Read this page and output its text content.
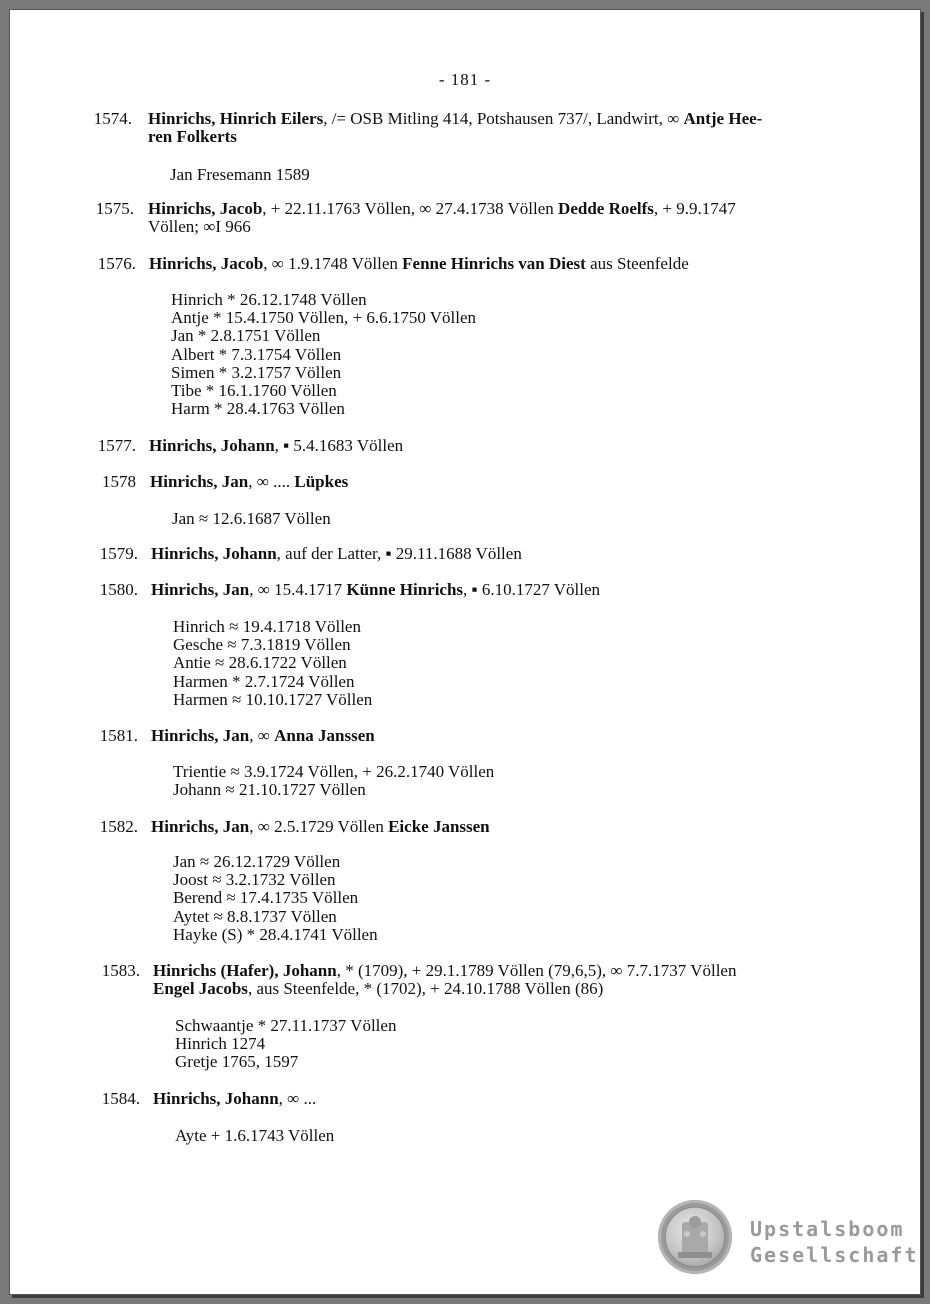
- 181 -
1574. Hinrichs, Hinrich Eilers, /= OSB Mitling 414, Potshausen 737/, Landwirt, ∞ Antje Hee-
ren Folkerts
Jan Fresemann 1589
1575. Hinrichs, Jacob, + 22.11.1763 Völlen, ∞ 27.4.1738 Völlen Dedde Roelfs, + 9.9.1747
Völlen; ∞I 966
1576. Hinrichs, Jacob, ∞ 1.9.1748 Völlen Fenne Hinrichs van Diest aus Steenfelde
Hinrich * 26.12.1748 Völlen
Antje * 15.4.1750 Völlen, + 6.6.1750 Völlen
Jan * 2.8.1751 Völlen
Albert * 7.3.1754 Völlen
Simen * 3.2.1757 Völlen
Tibe * 16.1.1760 Völlen
Harm * 28.4.1763 Völlen
1577. Hinrichs, Johann, ▪ 5.4.1683 Völlen
1578 Hinrichs, Jan, ∞ .... Lüpkes
Jan ≈ 12.6.1687 Völlen
1579. Hinrichs, Johann, auf der Latter, ▪ 29.11.1688 Völlen
1580. Hinrichs, Jan, ∞ 15.4.1717 Künne Hinrichs, ▪ 6.10.1727 Völlen
Hinrich ≈ 19.4.1718 Völlen
Gesche ≈ 7.3.1819 Völlen
Antie ≈ 28.6.1722 Völlen
Harmen * 2.7.1724 Völlen
Harmen ≈ 10.10.1727 Völlen
1581. Hinrichs, Jan, ∞ Anna Janssen
Trientie ≈ 3.9.1724 Völlen, + 26.2.1740 Völlen
Johann ≈ 21.10.1727 Völlen
1582. Hinrichs, Jan, ∞ 2.5.1729 Völlen Eicke Janssen
Jan ≈ 26.12.1729 Völlen
Joost ≈ 3.2.1732 Völlen
Berend ≈ 17.4.1735 Völlen
Aytet ≈ 8.8.1737 Völlen
Hayke (S) * 28.4.1741 Völlen
1583. Hinrichs (Hafer), Johann, * (1709), + 29.1.1789 Völlen (79,6,5), ∞ 7.7.1737 Völlen
Engel Jacobs, aus Steenfelde, * (1702), + 24.10.1788 Völlen (86)
Schwaantje * 27.11.1737 Völlen
Hinrich 1274
Gretje 1765, 1597
1584. Hinrichs, Johann, ∞ ...
Ayte + 1.6.1743 Völlen
Upstalsboom
Gesellschaft
